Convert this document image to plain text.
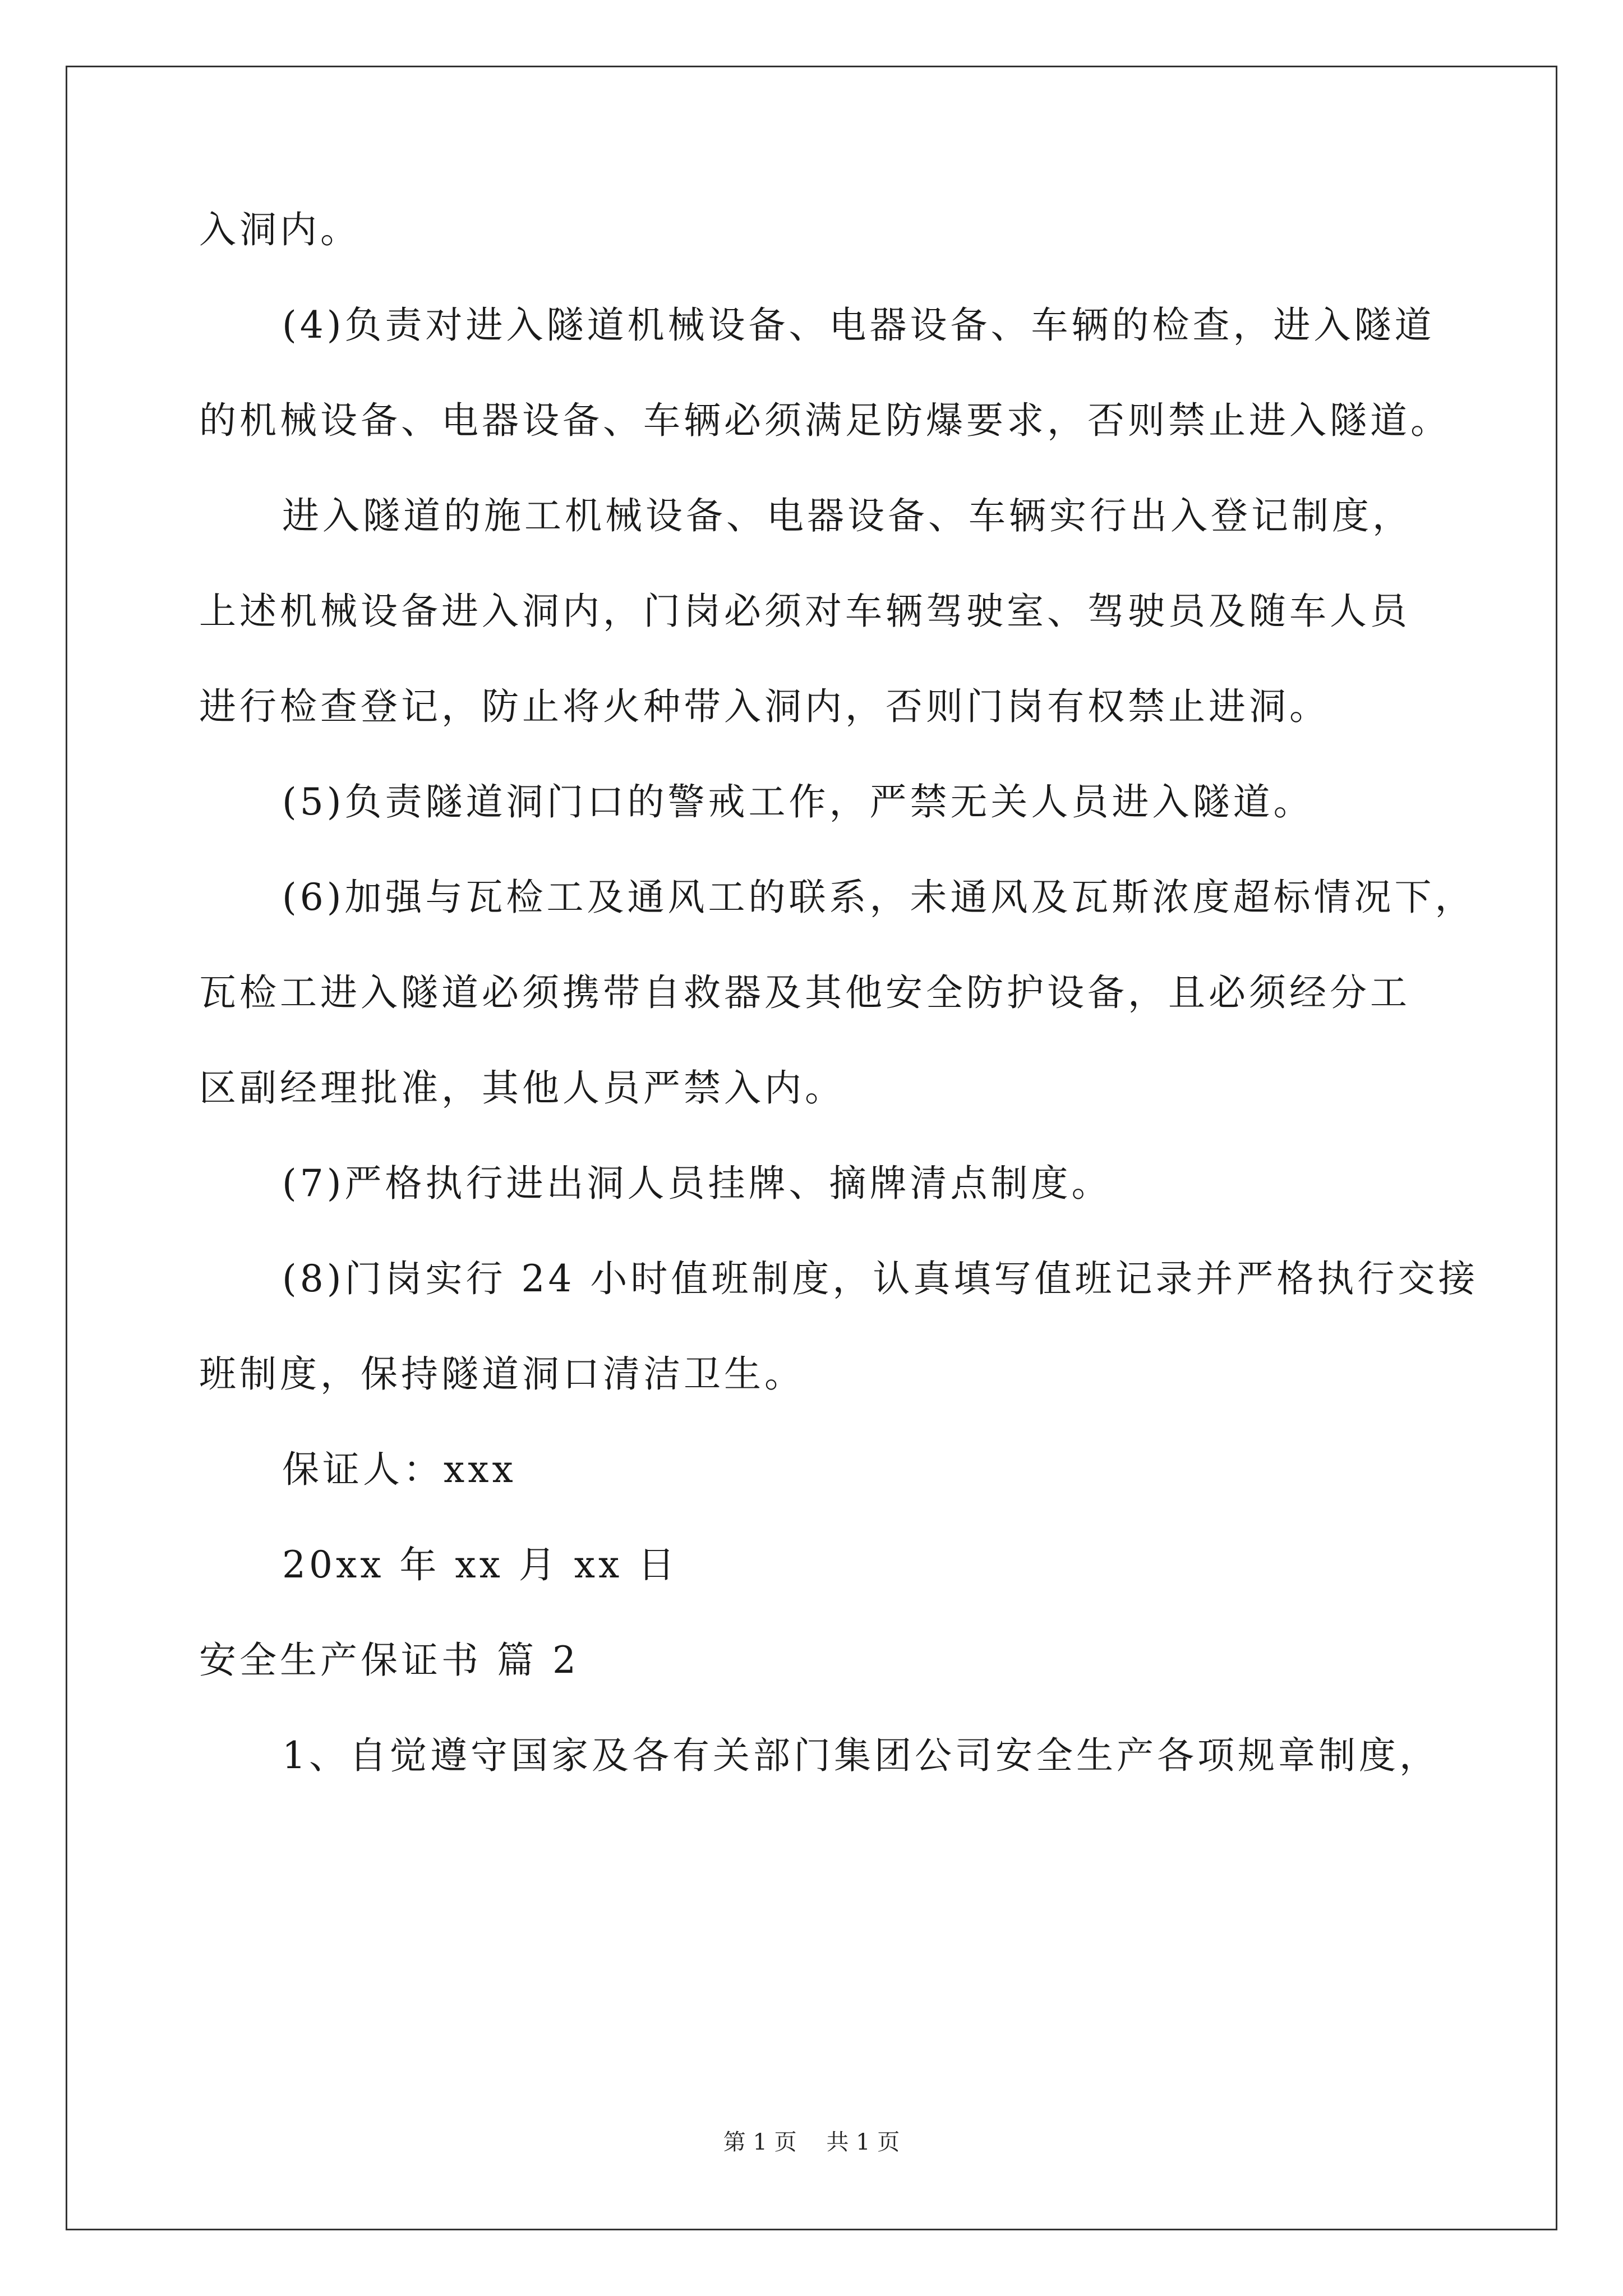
入洞内。
(4)负责对进入隧道机械设备、电器设备、车辆的检查，进入隧道
的机械设备、电器设备、车辆必须满足防爆要求，否则禁止进入隧道。
进入隧道的施工机械设备、电器设备、车辆实行出入登记制度，
上述机械设备进入洞内，门岗必须对车辆驾驶室、驾驶员及随车人员
进行检查登记，防止将火种带入洞内，否则门岗有权禁止进洞。
(5)负责隧道洞门口的警戒工作，严禁无关人员进入隧道。
(6)加强与瓦检工及通风工的联系，未通风及瓦斯浓度超标情况下，
瓦检工进入隧道必须携带自救器及其他安全防护设备，且必须经分工
区副经理批准，其他人员严禁入内。
(7)严格执行进出洞人员挂牌、摘牌清点制度。
(8)门岗实行 24 小时值班制度，认真填写值班记录并严格执行交接
班制度，保持隧道洞口清洁卫生。
保证人：xxx
20xx 年 xx 月 xx 日
安全生产保证书 篇 2
1、自觉遵守国家及各有关部门集团公司安全生产各项规章制度，
第 1 页 共 1 页
